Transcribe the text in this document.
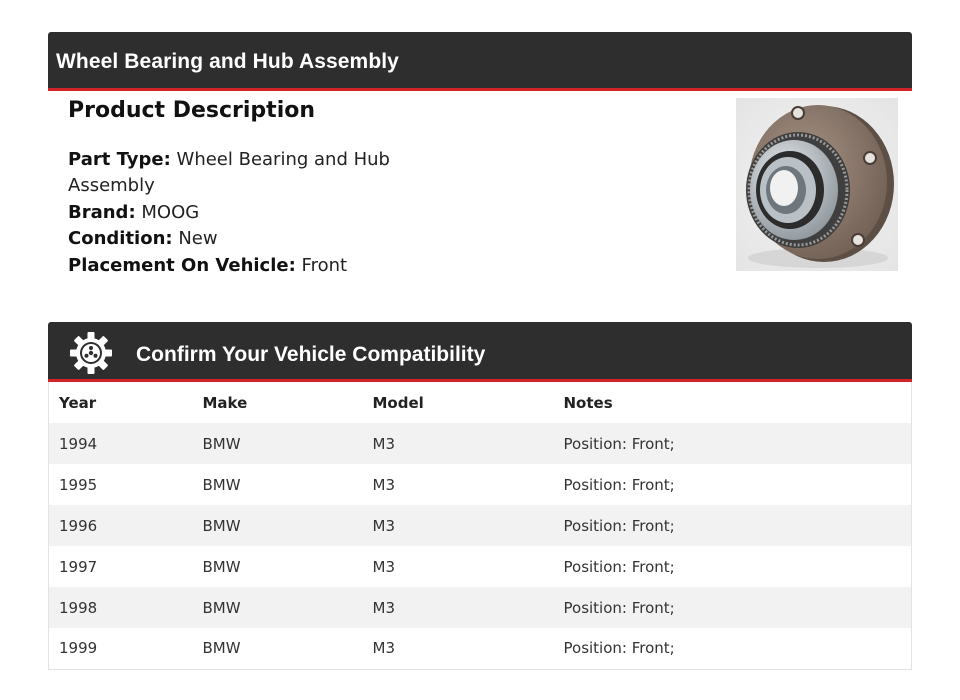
Wheel Bearing and Hub Assembly
Product Description
Part Type: Wheel Bearing and Hub Assembly
Brand: MOOG
Condition: New
Placement On Vehicle: Front
Confirm Your Vehicle Compatibility
Year	Make	Model	Notes
1994	BMW	M3	Position: Front;
1995	BMW	M3	Position: Front;
1996	BMW	M3	Position: Front;
1997	BMW	M3	Position: Front;
1998	BMW	M3	Position: Front;
1999	BMW	M3	Position: Front;
